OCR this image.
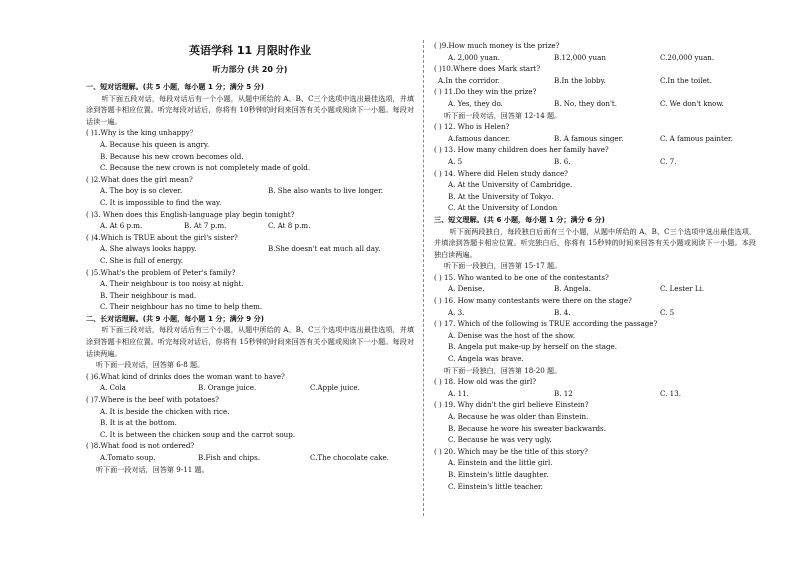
英语学科 11 月限时作业
听力部分 (共 20 分)
一、短对话理解。(共 5 小题，每小题 1 分；满分 5 分)
听下面五段对话，每段对话后有一个小题，从题中所给的 A、B、C三个选项中选出最佳选项，并填涂到答题卡相应位置。听完每段对话后，你将有 10秒钟的时间来回答有关小题或阅读下一小题。每段对话读一遍。
( )1.Why is the king unhappy？
A. Because his queen is angry.
B. Because his new crown becomes old.
C. Because the new crown is not completely made of gold.
( )2.What does the girl mean?
A. The boy is so clever.	B. She also wants to live longer.
C. It is impossible to find the way.
( )3. When does this English-language play begin tonight?
A. At 6 p.m.	B. At 7 p.m.	C. At 8 p.m.
( )4.Which is TRUE about the girl's sister?
A. She always looks happy.	B.She doesn't eat much all day.
C. She is full of energy.
( )5.What's the problem of Peter's family?
A. Their neighbour is too noisy at night.
B. Their neighbour is mad.
C. Their neighbour has no time to help them.
二、长对话理解。(共 9 小题，每小题 1 分；满分 9 分)
听下面三段对话，每段对话后有三个小题，从题中所给的 A、B、C三个选项中选出最佳选项，并填涂到答题卡相应位置。听完每段对话后，你将有 15秒钟的时间来回答有关小题或阅读下一小题。每段对话读两遍。
听下面一段对话，回答第 6-8 题。
( )6.What kind of drinks does the woman want to have?
A. Cola	B. Orange juice.	C.Apple juice.
( )7.Where is the beef with potatoes?
A. It is beside the chicken with rice.
B. It is at the bottom.
C. It is between the chicken soup and the carrot soup.
( )8.What food is not ordered?
A.Tomato soup.	B.Fish and chips.	C.The chocolate cake.
听下面一段对话，回答第 9-11 题。
( )9.How much money is the prize?
A. 2,000 yuan.	B.12,000 yuan	C.20,000 yuan.
( )10.Where does Mark start?
A.In the corridor.	B.In the lobby.	C.In the toilet.
( ) 11.Do they win the prize?
A. Yes, they do.	B. No, they don't.	C. We don't know.
听下面一段对话，回答第 12-14 题。
( ) 12. Who is Helen?
A.famous dancer.	B. A famous singer.	C. A famous painter.
( ) 13. How many children does her family have?
A. 5	B. 6.	C. 7.
( ) 14. Where did Helen study dance?
A. At the University of Cambridge.
B. At the University of Tokyo.
C. At the University of London
三、短文理解。(共 6 小题，每小题 1 分；满分 6 分)
听下面两段独白，每段独白后面有三个小题，从题中所给的 A、B、C三个选项中选出最佳选项，并填涂到答题卡相应位置。听完独白后，你将有 15秒钟的时间来回答有关小题或阅读下一小题。本段独白读两遍。
听下面一段独白，回答第 15-17 题。
( ) 15. Who wanted to be one of the contestants?
A. Denise.	B. Angela.	C. Lester Li.
( ) 16. How many contestants were there on the stage?
A. 3.	B. 4.	C. 5
( ) 17. Which of the following is TRUE according the passage?
A. Denise was the host of the show.
B. Angela put make-up by herself on the stage.
C. Angela was brave.
听下面一段独白，回答第 18-20 题。
( ) 18. How old was the girl?
A. 11.	B. 12	C. 13.
( ) 19. Why didn't the girl believe Einstein?
A. Because he was older than Einstein.
B. Because he wore his sweater backwards.
C. Because he was very ugly.
( ) 20. Which may be the title of this story?
A. Einstein and the little girl.
B. Einstein's little daughter.
C. Einstein's little teacher.
